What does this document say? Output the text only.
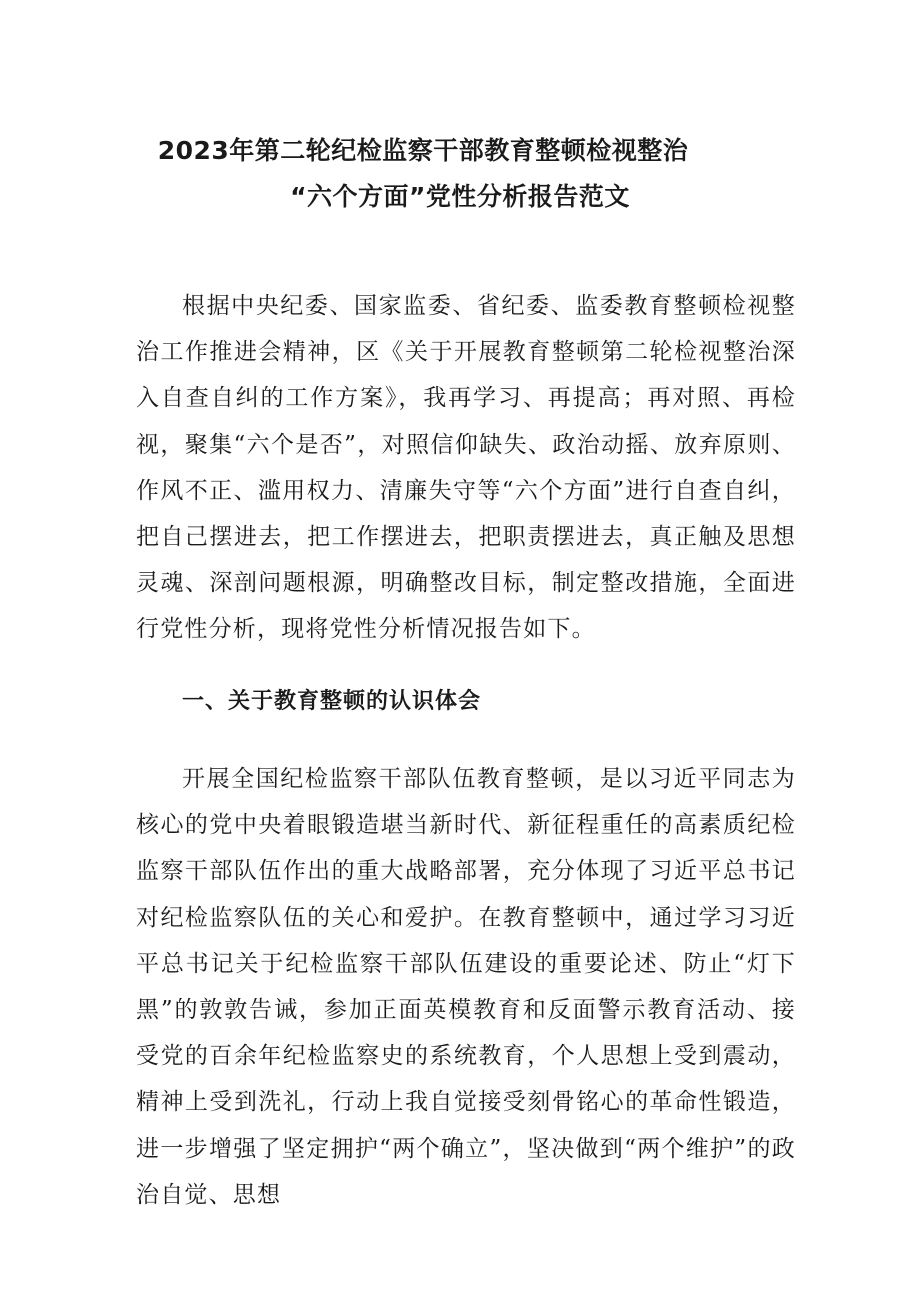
2023年第二轮纪检监察干部教育整顿检视整治
“六个方面”党性分析报告范文

根据中央纪委、国家监委、省纪委、监委教育整顿检视整治工作推进会精神，区《关于开展教育整顿第二轮检视整治深入自查自纠的工作方案》，我再学习、再提高；再对照、再检视，聚集“六个是否”，对照信仰缺失、政治动摇、放弃原则、作风不正、滥用权力、清廉失守等“六个方面”进行自查自纠，把自己摆进去，把工作摆进去，把职责摆进去，真正触及思想灵魂、深剖问题根源，明确整改目标，制定整改措施，全面进行党性分析，现将党性分析情况报告如下。

一、关于教育整顿的认识体会

开展全国纪检监察干部队伍教育整顿，是以习近平同志为核心的党中央着眼锻造堪当新时代、新征程重任的高素质纪检监察干部队伍作出的重大战略部署，充分体现了习近平总书记对纪检监察队伍的关心和爱护。在教育整顿中，通过学习习近平总书记关于纪检监察干部队伍建设的重要论述、防止“灯下黑”的敦敦告诫，参加正面英模教育和反面警示教育活动、接受党的百余年纪检监察史的系统教育，个人思想上受到震动，精神上受到洗礼，行动上我自觉接受刻骨铭心的革命性锻造，进一步增强了坚定拥护“两个确立”，坚决做到“两个维护”的政治自觉、思想
